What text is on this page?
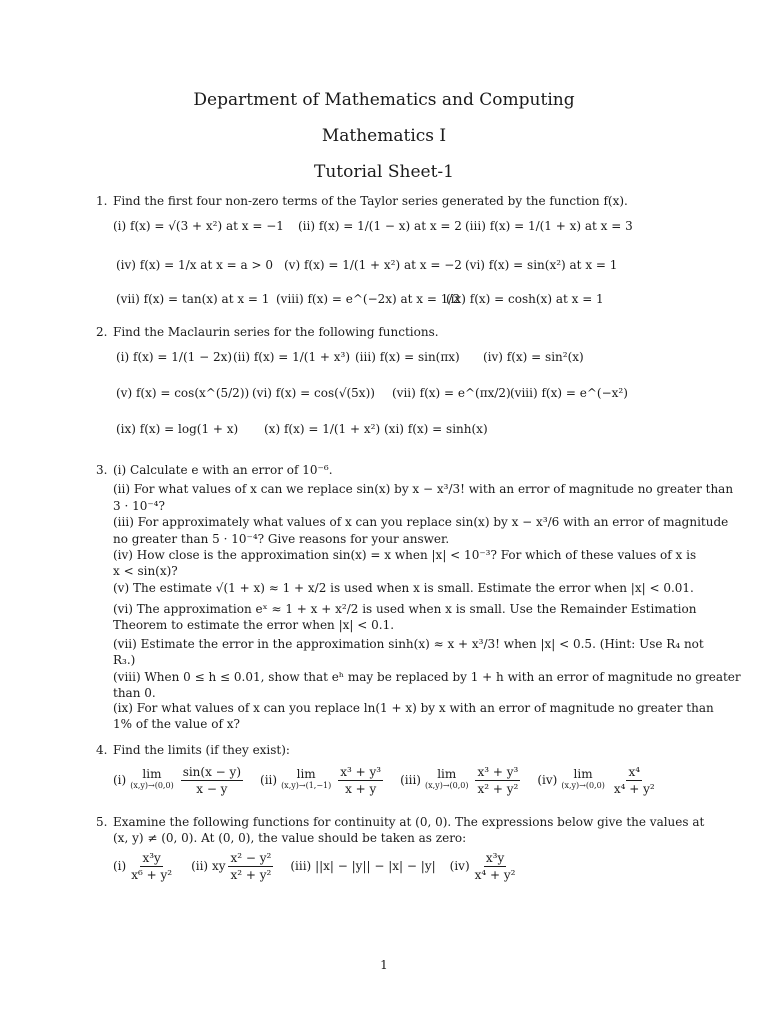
Department of Mathematics and Computing
Mathematics I
Tutorial Sheet-1
1. Find the first four non-zero terms of the Taylor series generated by the function f(x).
(i) f(x) = √(3 + x²) at x = −1 (ii) f(x) = 1/(1 − x) at x = 2 (iii) f(x) = 1/(1 + x) at x = 3
(iv) f(x) = 1/x at x = a > 0 (v) f(x) = 1/(1 + x²) at x = −2 (vi) f(x) = sin(x²) at x = 1
(vii) f(x) = tan(x) at x = 1 (viii) f(x) = e^(−2x) at x = 1/2
(ix) f(x) = cosh(x) at x = 1
2. Find the Maclaurin series for the following functions.
(i) f(x) = 1/(1 − 2x) (ii) f(x) = 1/(1 + x³) (iii) f(x) = sin(πx) (iv) f(x) = sin²(x)
(v) f(x) = cos(x^(5/2)) (vi) f(x) = cos(√(5x)) (vii) f(x) = e^(πx/2) (viii) f(x) = e^(−x²)
(ix) f(x) = log(1 + x) (x) f(x) = 1/(1 + x²) (xi) f(x) = sinh(x)
3. (i) Calculate e with an error of 10⁻⁶.
(ii) For what values of x can we replace sin(x) by x − x³/3! with an error of magnitude no greater than
3 · 10⁻⁴?
(iii) For approximately what values of x can you replace sin(x) by x − x³/6 with an error of magnitude
no greater than 5 · 10⁻⁴? Give reasons for your answer.
(iv) How close is the approximation sin(x) = x when |x| < 10⁻³? For which of these values of x is
x < sin(x)?
(v) The estimate √(1 + x) ≈ 1 + x/2 is used when x is small. Estimate the error when |x| < 0.01.
(vi) The approximation eˣ ≈ 1 + x + x²/2 is used when x is small. Use the Remainder Estimation
Theorem to estimate the error when |x| < 0.1.
(vii) Estimate the error in the approximation sinh(x) ≈ x + x³/3! when |x| < 0.5. (Hint: Use R₄ not
R₃.)
(viii) When 0 ≤ h ≤ 0.01, show that eʰ may be replaced by 1 + h with an error of magnitude no greater
than 0.
(ix) For what values of x can you replace ln(1 + x) by x with an error of magnitude no greater than
1% of the value of x?
4. Find the limits (if they exist):
(i) lim
$(x,y)\to(0,0) \frac{\sin(x - y)}{x - y} (ii)$ lim
$(x,y)\to(1,-1) \frac{\text{x³ + y³}}{x + y} (iii)$ lim
$(x,y)\to(0,0) \frac{\text{x³ + y³}}{\text{x² + y²}} (iv)$ lim
$(x,y)\to(0,0) \frac{\text{x⁴}}{\text{x⁴ + y²}}$
5. Examine the following functions for continuity at (0, 0). The expressions below give the values at
(x, y) ≠ (0, 0). At (0, 0), the value should be taken as zero:
$(i) \frac{\text{x³y}}{\text{x⁶ + y²}} (ii)$
xy $\frac{\text{x² − y²}}{\text{x² + y²}} (iii)$
||x| − |y|| − |x| − |y| $(iv) \frac{\text{x³y}}{\text{x⁴ + y²}}$
1
